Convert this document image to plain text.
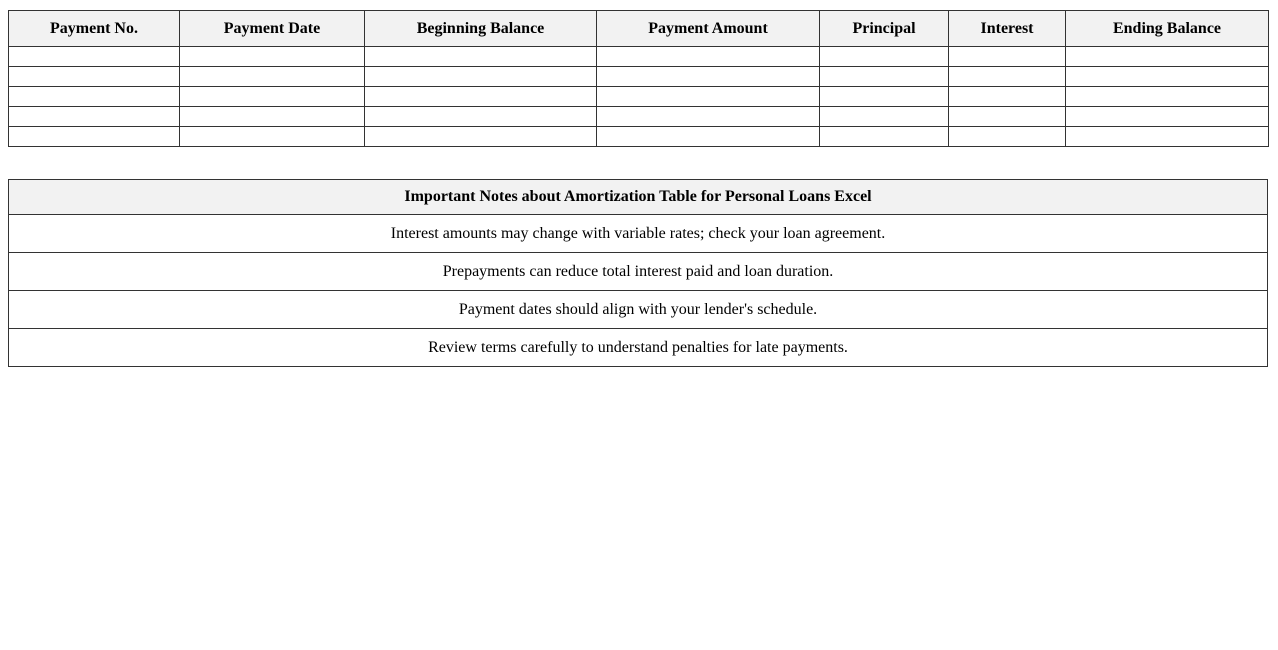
Payment No.	Payment Date	Beginning Balance	Payment Amount	Principal	Interest	Ending Balance

Important Notes about Amortization Table for Personal Loans Excel
Interest amounts may change with variable rates; check your loan agreement.
Prepayments can reduce total interest paid and loan duration.
Payment dates should align with your lender's schedule.
Review terms carefully to understand penalties for late payments.
